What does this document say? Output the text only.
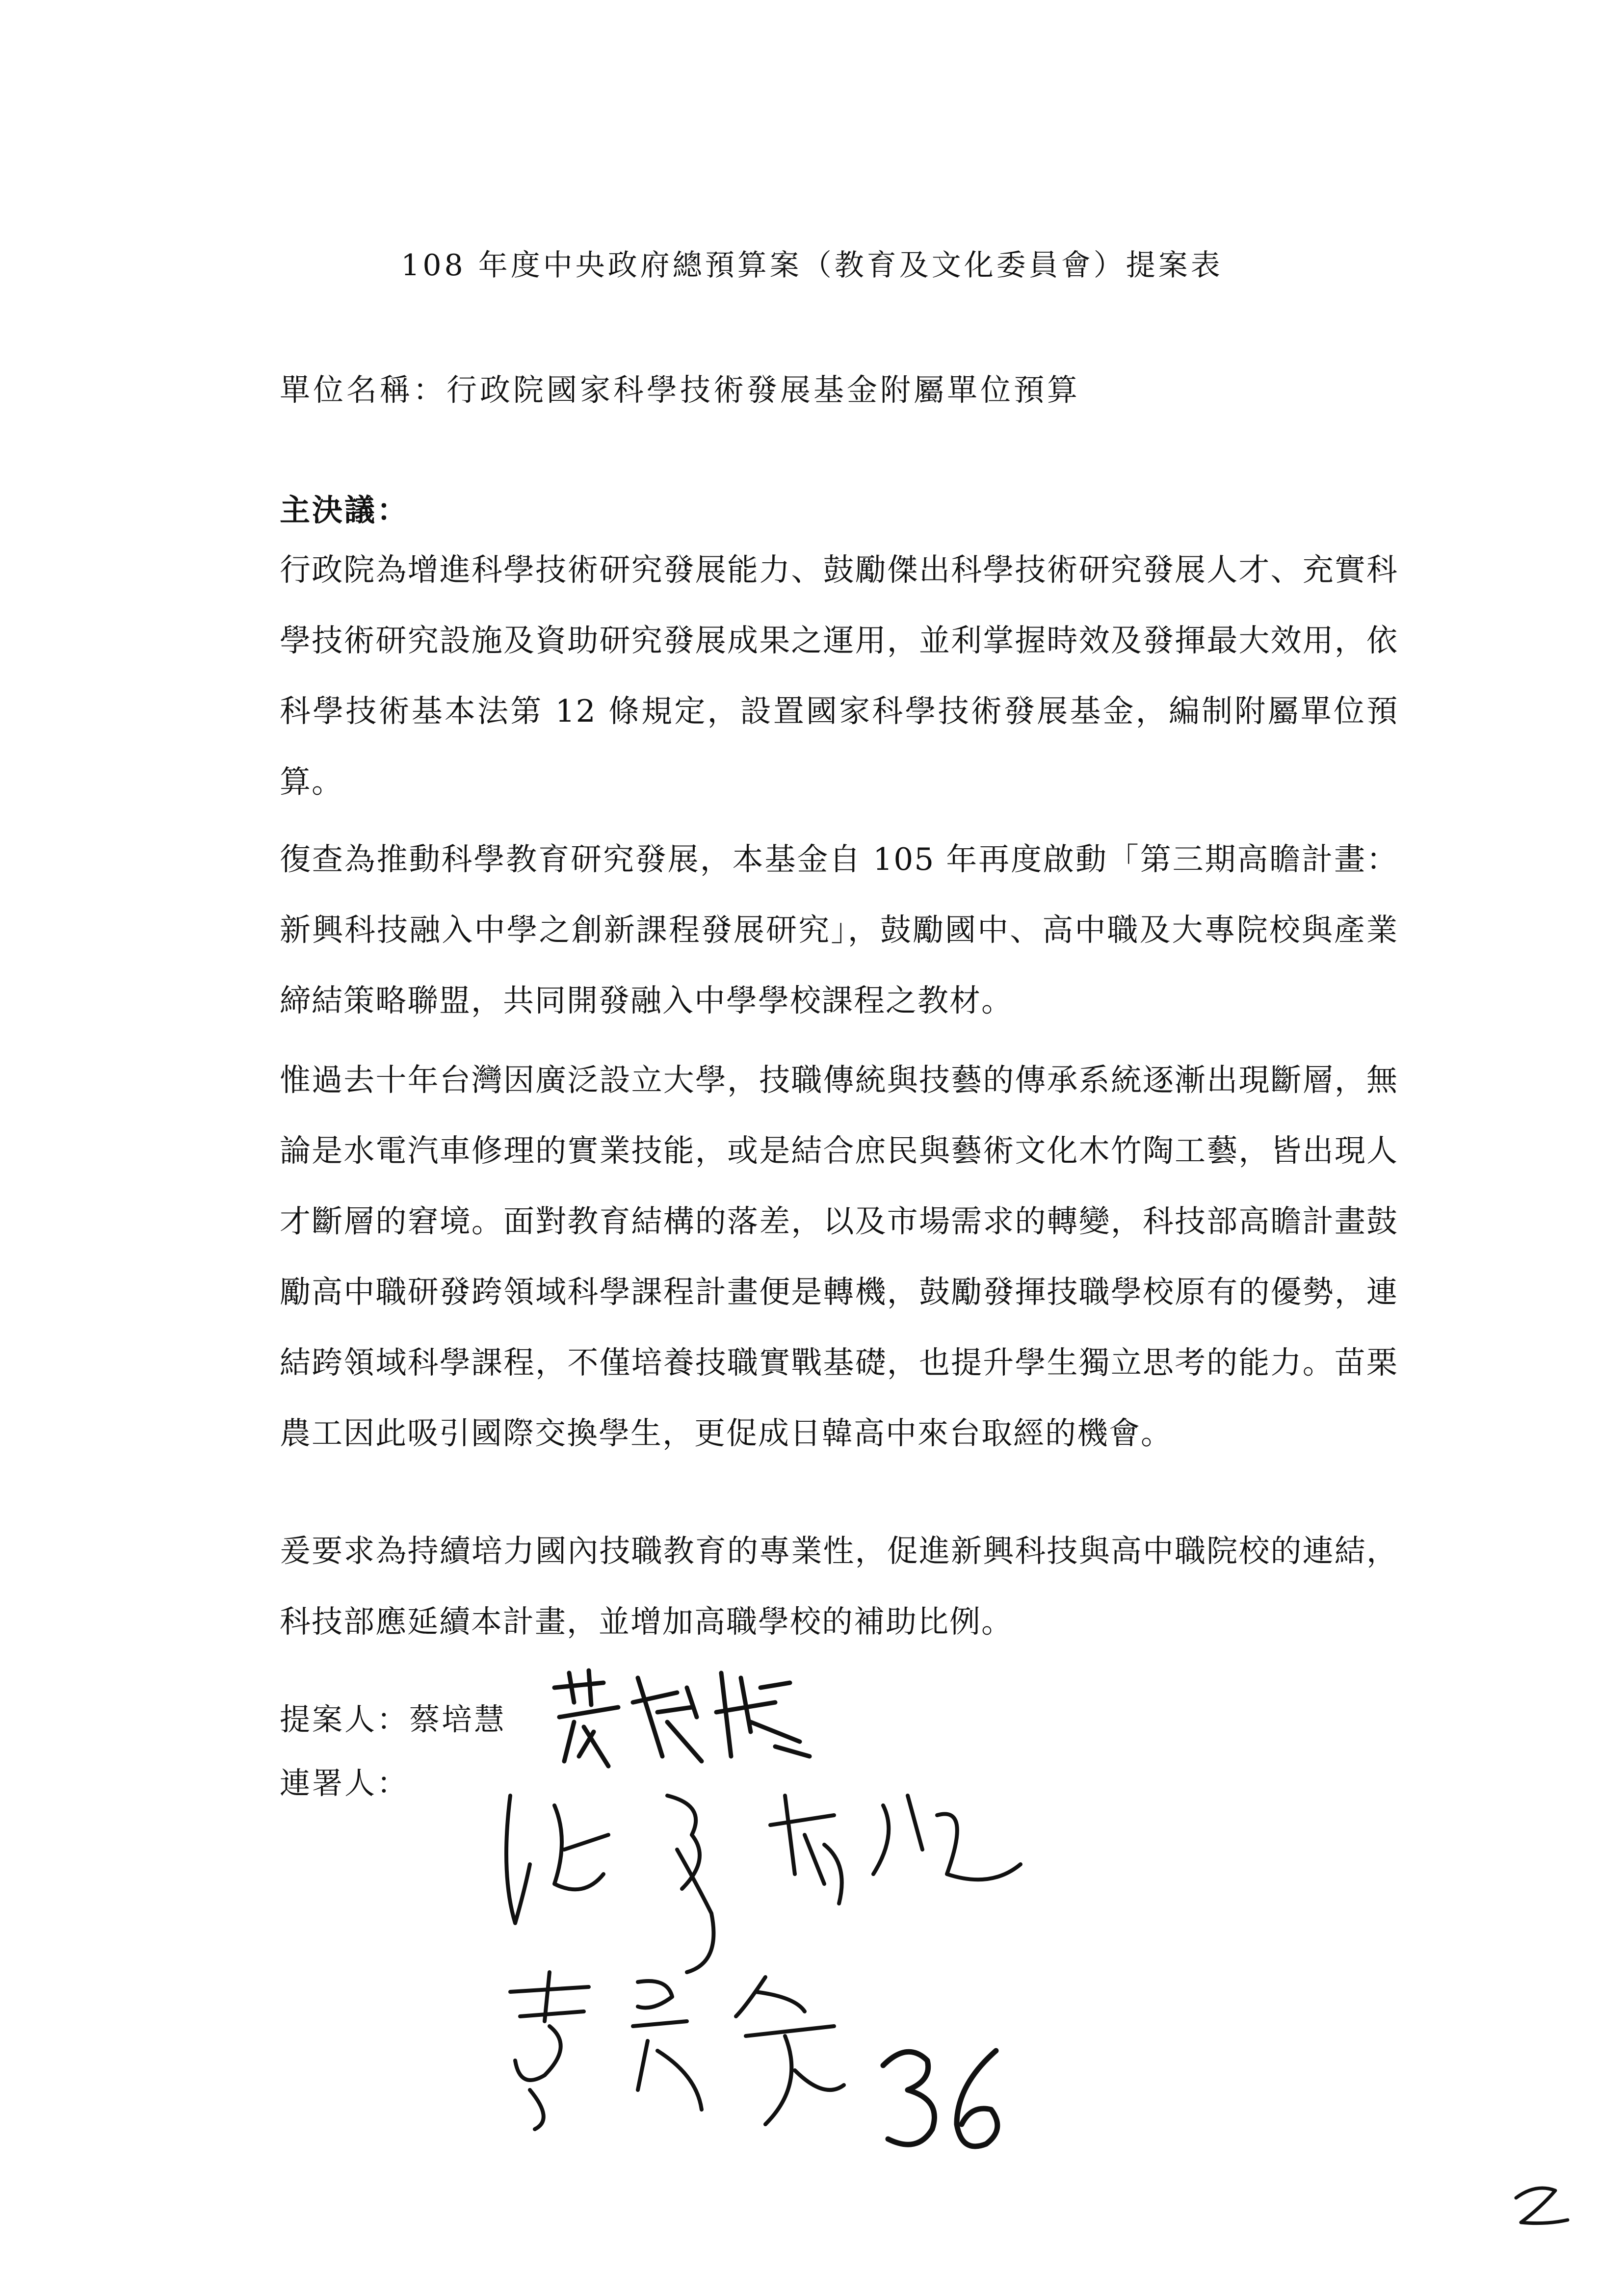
108 年度中央政府總預算案（教育及文化委員會）提案表
單位名稱：行政院國家科學技術發展基金附屬單位預算
主決議：

行政院為增進科學技術研究發展能力、鼓勵傑出科學技術研究發展人才、充實科學技術研究設施及資助研究發展成果之運用，並利掌握時效及發揮最大效用，依科學技術基本法第 12 條規定，設置國家科學技術發展基金，編制附屬單位預算。

復查為推動科學教育研究發展，本基金自 105 年再度啟動「第三期高瞻計畫：新興科技融入中學之創新課程發展研究」，鼓勵國中、高中職及大專院校與產業締結策略聯盟，共同開發融入中學學校課程之教材。

惟過去十年台灣因廣泛設立大學，技職傳統與技藝的傳承系統逐漸出現斷層，無論是水電汽車修理的實業技能，或是結合庶民與藝術文化木竹陶工藝，皆出現人才斷層的窘境。面對教育結構的落差，以及市場需求的轉變，科技部高瞻計畫鼓勵高中職研發跨領域科學課程計畫便是轉機，鼓勵發揮技職學校原有的優勢，連結跨領域科學課程，不僅培養技職實戰基礎，也提升學生獨立思考的能力。苗栗農工因此吸引國際交換學生，更促成日韓高中來台取經的機會。

爰要求為持續培力國內技職教育的專業性，促進新興科技與高中職院校的連結，科技部應延續本計畫，並增加高職學校的補助比例。

提案人：蔡培慧
連署人：
